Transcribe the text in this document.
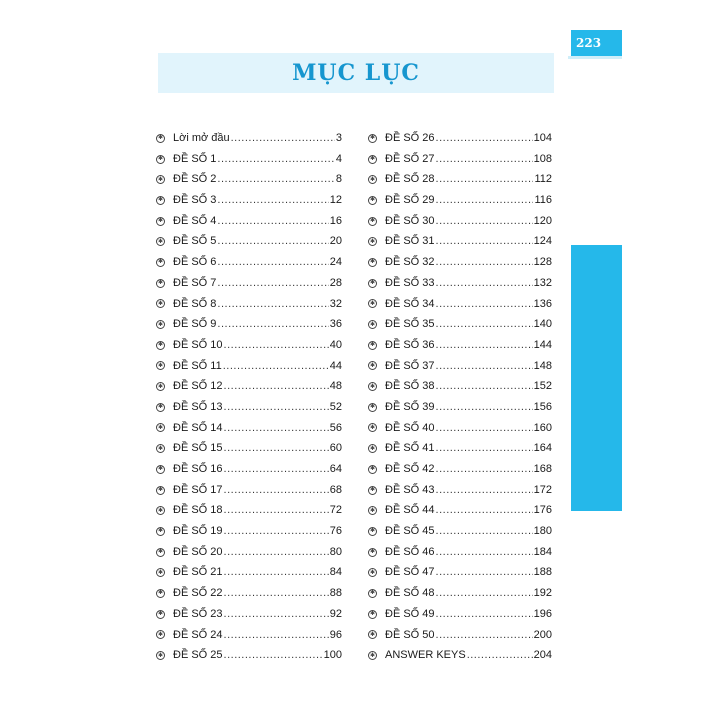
223
MỤC LỤC
✱ Lời mở đầu .....	3
✱ ĐỀ SỐ 1 .....	4
✱ ĐỀ SỐ 2 .....	8
✱ ĐỀ SỐ 3 .....	12
✱ ĐỀ SỐ 4 .....	16
✱ ĐỀ SỐ 5 .....	20
✱ ĐỀ SỐ 6 .....	24
✱ ĐỀ SỐ 7 .....	28
✱ ĐỀ SỐ 8 .....	32
✱ ĐỀ SỐ 9 .....	36
✱ ĐỀ SỐ 10 .....	40
✱ ĐỀ SỐ 11 .....	44
✱ ĐỀ SỐ 12 .....	48
✱ ĐỀ SỐ 13 .....	52
✱ ĐỀ SỐ 14 .....	56
✱ ĐỀ SỐ 15 .....	60
✱ ĐỀ SỐ 16 .....	64
✱ ĐỀ SỐ 17 .....	68
✱ ĐỀ SỐ 18 .....	72
✱ ĐỀ SỐ 19 .....	76
✱ ĐỀ SỐ 20 .....	80
✱ ĐỀ SỐ 21 .....	84
✱ ĐỀ SỐ 22 .....	88
✱ ĐỀ SỐ 23 .....	92
✱ ĐỀ SỐ 24 .....	96
✱ ĐỀ SỐ 25 .....	100
✱ ĐỀ SỐ 26 .....	104
✱ ĐỀ SỐ 27 .....	108
✱ ĐỀ SỐ 28 .....	112
✱ ĐỀ SỐ 29 .....	116
✱ ĐỀ SỐ 30 .....	120
✱ ĐỀ SỐ 31 .....	124
✱ ĐỀ SỐ 32 .....	128
✱ ĐỀ SỐ 33 .....	132
✱ ĐỀ SỐ 34 .....	136
✱ ĐỀ SỐ 35 .....	140
✱ ĐỀ SỐ 36 .....	144
✱ ĐỀ SỐ 37 .....	148
✱ ĐỀ SỐ 38 .....	152
✱ ĐỀ SỐ 39 .....	156
✱ ĐỀ SỐ 40 .....	160
✱ ĐỀ SỐ 41 .....	164
✱ ĐỀ SỐ 42 .....	168
✱ ĐỀ SỐ 43 .....	172
✱ ĐỀ SỐ 44 .....	176
✱ ĐỀ SỐ 45 .....	180
✱ ĐỀ SỐ 46 .....	184
✱ ĐỀ SỐ 47 .....	188
✱ ĐỀ SỐ 48 .....	192
✱ ĐỀ SỐ 49 .....	196
✱ ĐỀ SỐ 50 .....	200
✱ ANSWER KEYS .....	204
